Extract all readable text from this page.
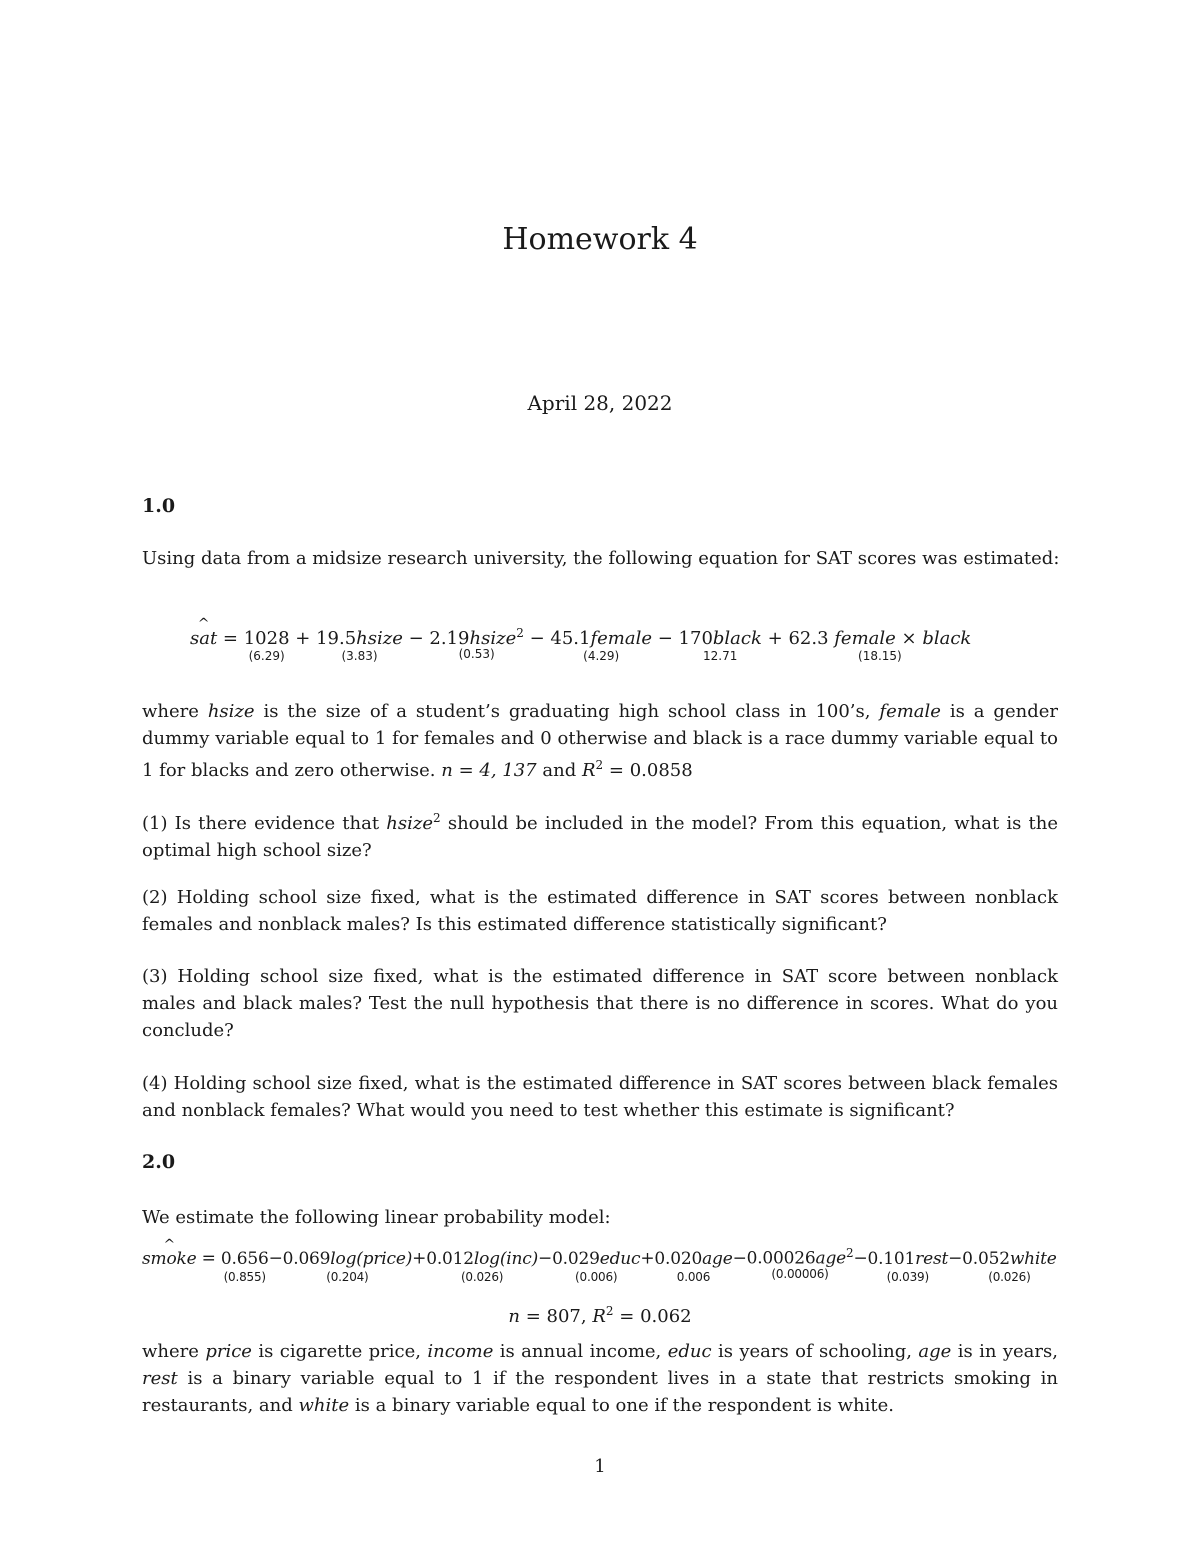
Homework 4
April 28, 2022
1.0
Using data from a midsize research university, the following equation for SAT scores was estimated:
sat
^
= 1028
(6.29)
+ 19.5hsize
(3.83)
− 2.19hsize$^2$
(0.53)
− 45.1female
(4.29)
− 170black
12.71
+ 62.3 female × black
(18.15)

where hsize is the size of a student’s graduating high school class in 100’s, female is a gender dummy variable equal to 1 for females and 0 otherwise and black is a race dummy variable equal to 1 for blacks and zero otherwise. n = 4, 137 and $R^2 = 0.0858$

(1) Is there evidence that hsize$^2$ should be included in the model? From this equation, what is the optimal high school size?

(2) Holding school size fixed, what is the estimated difference in SAT scores between nonblack females and nonblack males? Is this estimated difference statistically significant?

(3) Holding school size fixed, what is the estimated difference in SAT score between nonblack males and black males? Test the null hypothesis that there is no difference in scores. What do you conclude?

(4) Holding school size fixed, what is the estimated difference in SAT scores between black females and nonblack females? What would you need to test whether this estimate is significant?

2.0
We estimate the following linear probability model:
smoke
^
= 0.656
(0.855)
−0.069log(price)
(0.204)
+0.012log(inc)
(0.026)
−0.029educ
(0.006)
+0.020age
0.006
−0.00026age$^2$
(0.00006)
−0.101rest
(0.039)
−0.052white
(0.026)
n = 807, $R^2 = 0.062$

where price is cigarette price, income is annual income, educ is years of schooling, age is in years, rest is a binary variable equal to 1 if the respondent lives in a state that restricts smoking in restaurants, and white is a binary variable equal to one if the respondent is white.

1
